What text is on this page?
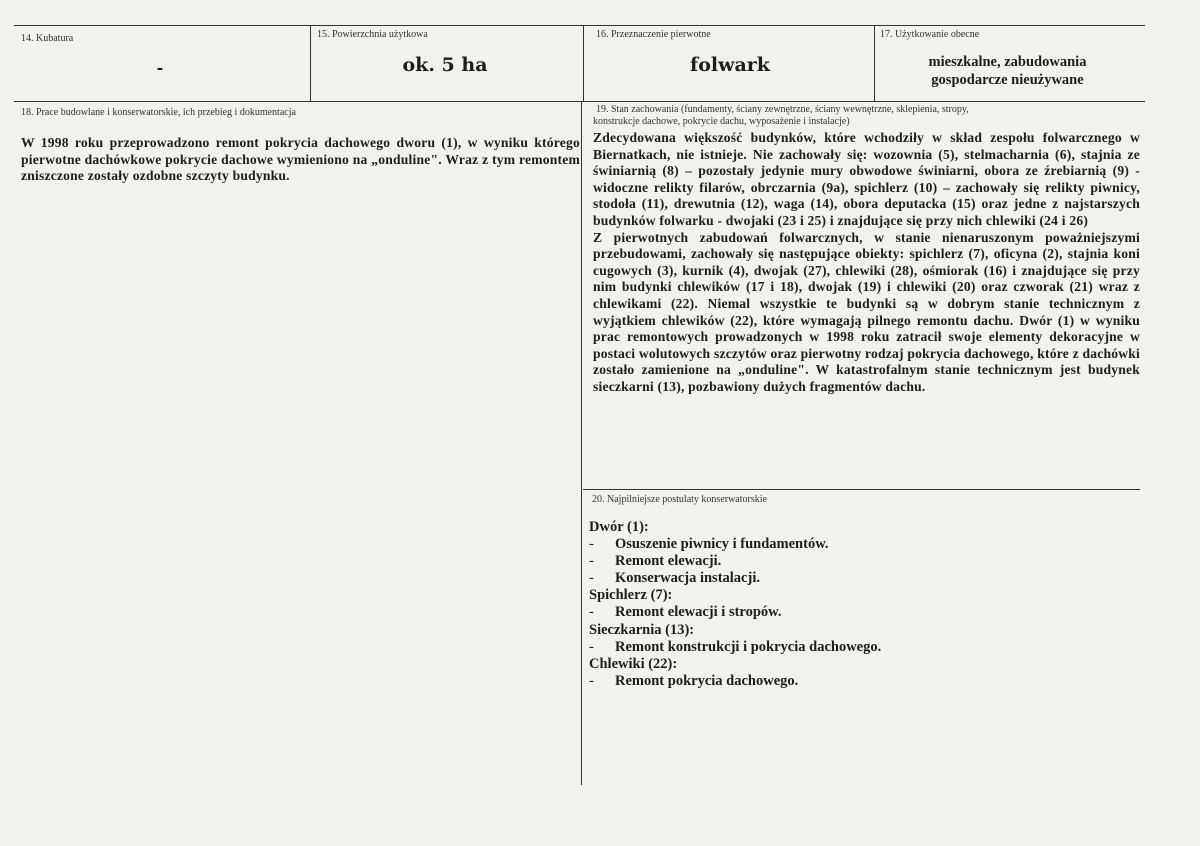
14. Kubatura	15. Powierzchnia użytkowa	16. Przeznaczenie pierwotne	17. Użytkowanie obecne
-	ok. 5 ha	folwark	mieszkalne, zabudowania
gospodarcze nieużywane
18. Prace budowlane i konserwatorskie, ich przebieg i dokumentacja

W 1998 roku przeprowadzono remont pokrycia dachowego dworu (1), w wyniku którego pierwotne dachówkowe pokrycie dachowe wymieniono na „onduline". Wraz z tym remontem zniszczone zostały ozdobne szczyty budynku.

19. Stan zachowania (fundamenty, ściany zewnętrzne, ściany wewnętrzne, sklepienia, stropy,
konstrukcje dachowe, pokrycie dachu, wyposażenie i instalacje)

Zdecydowana większość budynków, które wchodziły w skład zespołu folwarcznego w Biernatkach, nie istnieje. Nie zachowały się: wozownia (5), stelmacharnia (6), stajnia ze świniarnią (8) – pozostały jedynie mury obwodowe świniarni, obora ze źrebiarnią (9) - widoczne relikty filarów, obrczarnia (9a), spichlerz (10) – zachowały się relikty piwnicy, stodoła (11), drewutnia (12), waga (14), obora deputacka (15) oraz jedne z najstarszych budynków folwarku - dwojaki (23 i 25) i znajdujące się przy nich chlewiki (24 i 26)

Z pierwotnych zabudowań folwarcznych, w stanie nienaruszonym poważniejszymi przebudowami, zachowały się następujące obiekty: spichlerz (7), oficyna (2), stajnia koni cugowych (3), kurnik (4), dwojak (27), chlewiki (28), ośmiorak (16) i znajdujące się przy nim budynki chlewików (17 i 18), dwojak (19) i chlewiki (20) oraz czworak (21) wraz z chlewikami (22). Niemal wszystkie te budynki są w dobrym stanie technicznym z wyjątkiem chlewików (22), które wymagają pilnego remontu dachu. Dwór (1) w wyniku prac remontowych prowadzonych w 1998 roku zatracił swoje elementy dekoracyjne w postaci wolutowych szczytów oraz pierwotny rodzaj pokrycia dachowego, które z dachówki zostało zamienione na „onduline". W katastrofalnym stanie technicznym jest budynek sieczkarni (13), pozbawiony dużych fragmentów dachu.

20. Najpilniejsze postulaty konserwatorskie
Dwór (1):
- Osuszenie piwnicy i fundamentów.
- Remont elewacji.
- Konserwacja instalacji.
Spichlerz (7):
- Remont elewacji i stropów.
Sieczkarnia (13):
- Remont konstrukcji i pokrycia dachowego.
Chlewiki (22):
- Remont pokrycia dachowego.
